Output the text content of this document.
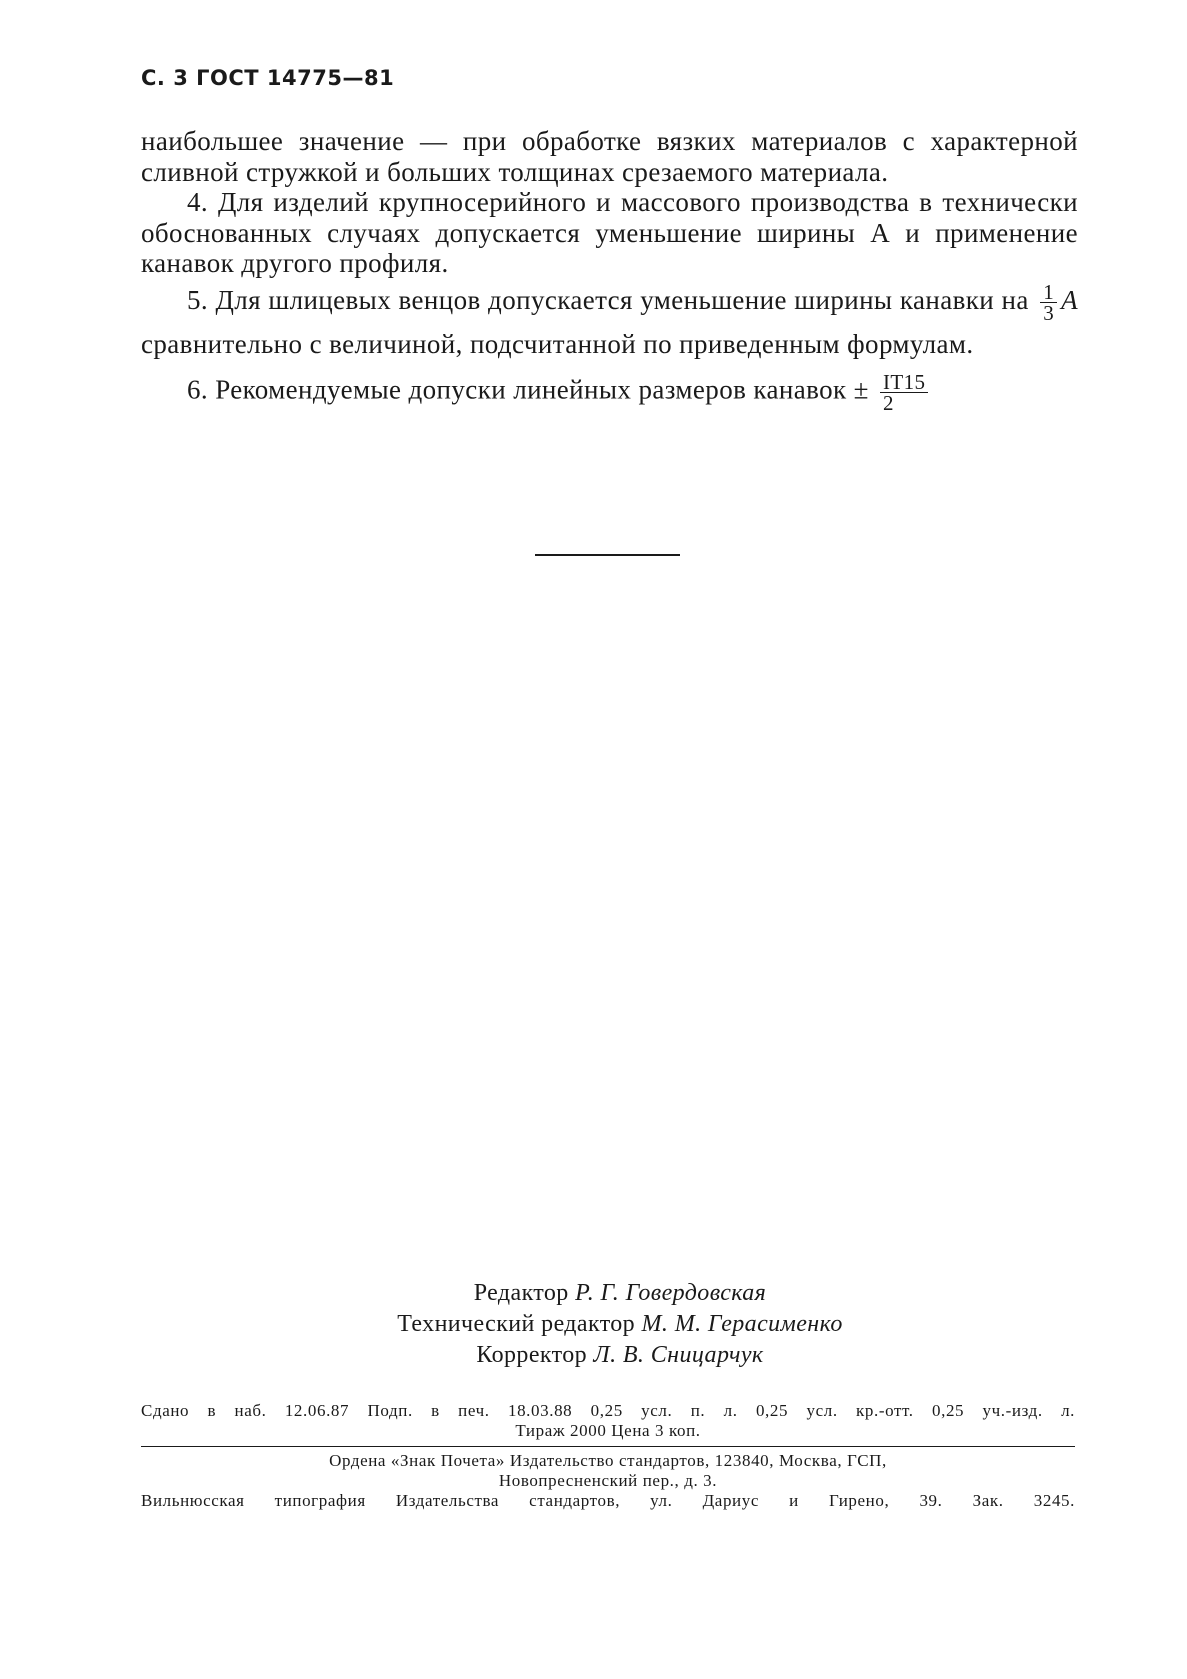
С. 3 ГОСТ 14775—81

наибольшее значение — при обработке вязких материалов с характерной сливной стружкой и больших толщинах срезаемого материала.

4. Для изделий крупносерийного и массового производства в технически обоснованных случаях допускается уменьшение ширины А и применение канавок другого профиля.

5. Для шлицевых венцов допускается уменьшение ширины канавки на $\frac{1}{3}$ A сравнительно с величиной, подсчитанной по приведенным формулам.

6. Рекомендуемые допуски линейных размеров канавок ± $\frac{IT15}{2}$

Редактор Р. Г. Говердовская
Технический редактор М. М. Герасименко
Корректор Л. В. Сницарчук

Сдано в наб. 12.06.87 Подп. в печ. 18.03.88 0,25 усл. п. л. 0,25 усл. кр.-отт. 0,25 уч.-изд. л.

Тираж 2000 Цена 3 коп.

Ордена «Знак Почета» Издательство стандартов, 123840, Москва, ГСП,

Новопресненский пер., д. 3.

Вильнюсская типография Издательства стандартов, ул. Дариус и Гирено, 39. Зак. 3245.
